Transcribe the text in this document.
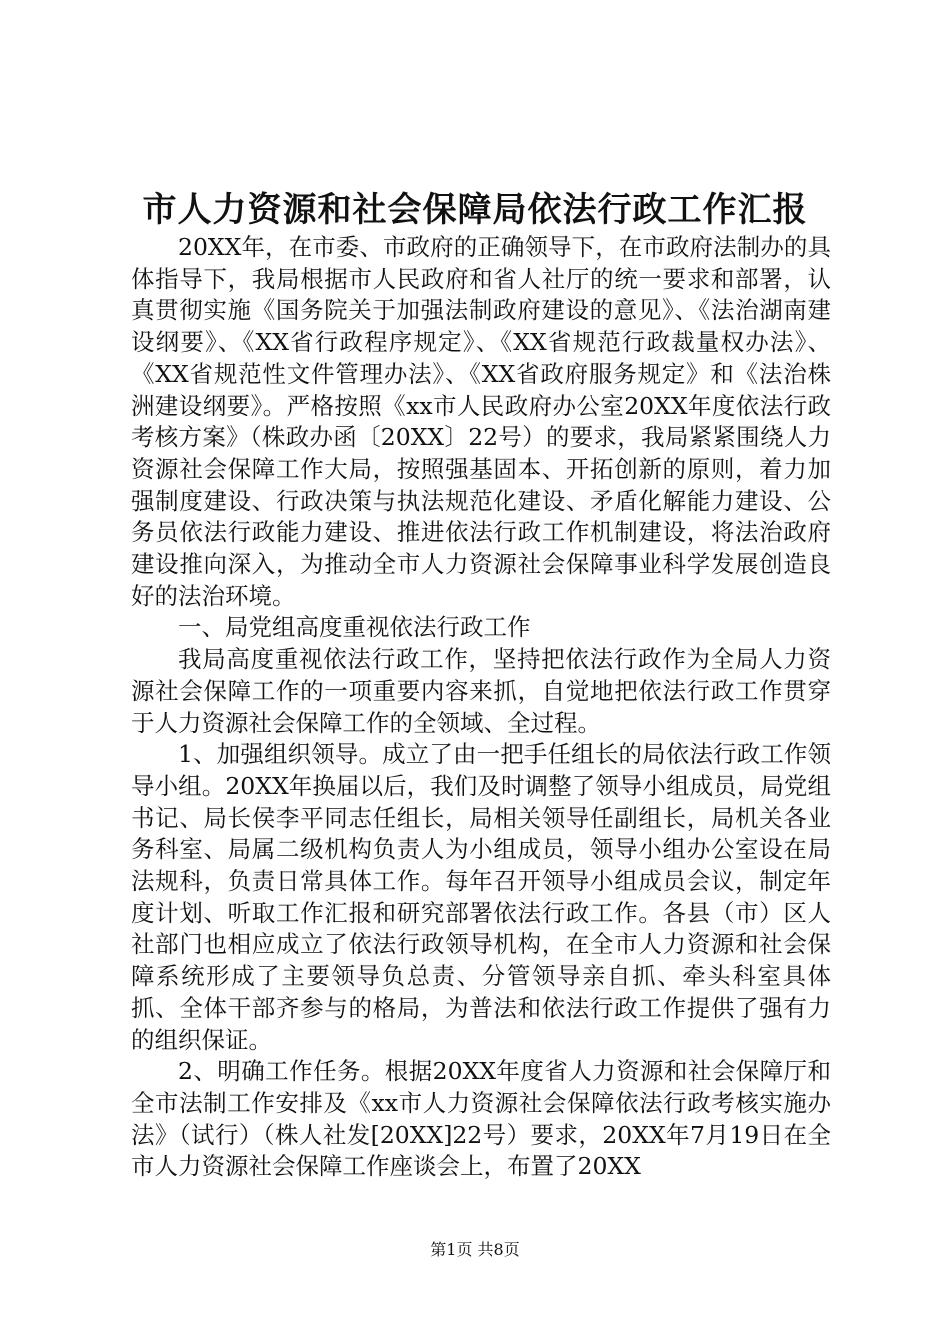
市人力资源和社会保障局依法行政工作汇报

20XX年，在市委、市政府的正确领导下，在市政府法制办的具体指导下，我局根据市人民政府和省人社厅的统一要求和部署，认真贯彻实施《国务院关于加强法制政府建设的意见》、《法治湖南建设纲要》、《XX省行政程序规定》、《XX省规范行政裁量权办法》、《XX省规范性文件管理办法》、《XX省政府服务规定》和《法治株洲建设纲要》。严格按照《xx市人民政府办公室20XX年度依法行政考核方案》（株政办函〔20XX〕22号）的要求，我局紧紧围绕人力资源社会保障工作大局，按照强基固本、开拓创新的原则，着力加强制度建设、行政决策与执法规范化建设、矛盾化解能力建设、公务员依法行政能力建设、推进依法行政工作机制建设，将法治政府建设推向深入，为推动全市人力资源社会保障事业科学发展创造良好的法治环境。

一、局党组高度重视依法行政工作

我局高度重视依法行政工作，坚持把依法行政作为全局人力资源社会保障工作的一项重要内容来抓，自觉地把依法行政工作贯穿于人力资源社会保障工作的全领域、全过程。

1、加强组织领导。成立了由一把手任组长的局依法行政工作领导小组。20XX年换届以后，我们及时调整了领导小组成员，局党组书记、局长侯李平同志任组长，局相关领导任副组长，局机关各业务科室、局属二级机构负责人为小组成员，领导小组办公室设在局法规科，负责日常具体工作。每年召开领导小组成员会议，制定年度计划、听取工作汇报和研究部署依法行政工作。各县（市）区人社部门也相应成立了依法行政领导机构，在全市人力资源和社会保障系统形成了主要领导负总责、分管领导亲自抓、牵头科室具体抓、全体干部齐参与的格局，为普法和依法行政工作提供了强有力的组织保证。

2、明确工作任务。根据20XX年度省人力资源和社会保障厅和全市法制工作安排及《xx市人力资源社会保障依法行政考核实施办法》（试行）（株人社发[20XX]22号）要求，20XX年7月19日在全市人力资源社会保障工作座谈会上，布置了20XX

第1页 共8页
